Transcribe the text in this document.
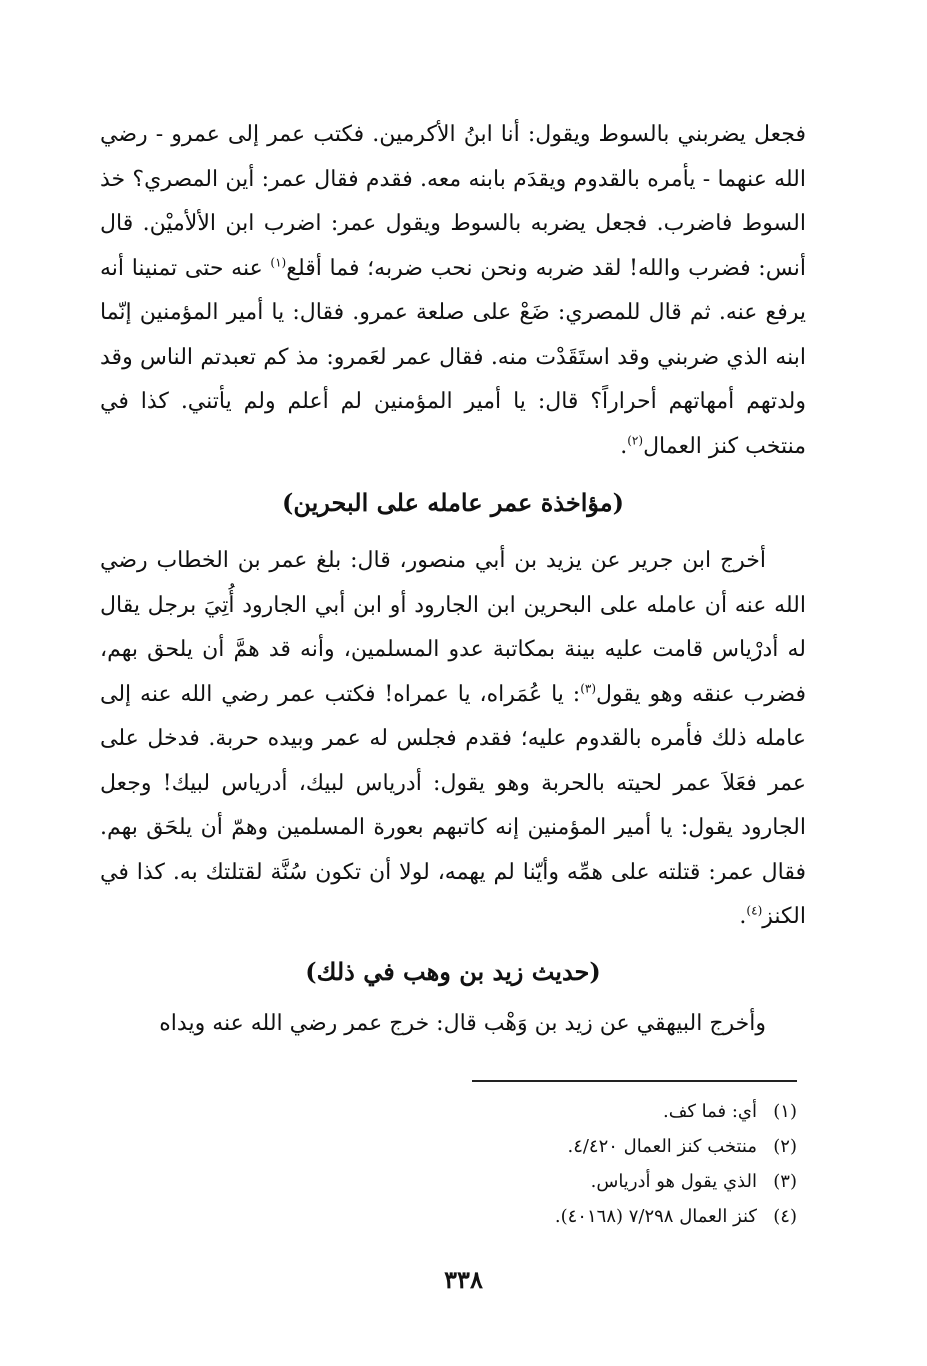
فجعل يضربني بالسوط ويقول: أنا ابنُ الأكرمين. فكتب عمر إلى عمرو - رضي الله عنهما - يأمره بالقدوم ويقدَم بابنه معه. فقدم فقال عمر: أين المصري؟ خذ السوط فاضرب. فجعل يضربه بالسوط ويقول عمر: اضرب ابن الألأميْن. قال أنس: فضرب والله! لقد ضربه ونحن نحب ضربه؛ فما أقلع$^{(١)}$ عنه حتى تمنينا أنه يرفع عنه. ثم قال للمصري: ضَعْ على صلعة عمرو. فقال: يا أمير المؤمنين إنّما ابنه الذي ضربني وقد استَقَدْت منه. فقال عمر لعَمرو: مذ كم تعبدتم الناس وقد ولدتهم أمهاتهم أحراراً؟ قال: يا أمير المؤمنين لم أعلم ولم يأتني. كذا في منتخب كنز العمال$^{(٢)}$.

(مؤاخذة عمر عامله على البحرين)

أخرج ابن جرير عن يزيد بن أبي منصور، قال: بلغ عمر بن الخطاب رضي الله عنه أن عامله على البحرين ابن الجارود أو ابن أبي الجارود أُتِيَ برجل يقال له أدرْياس قامت عليه بينة بمكاتبة عدو المسلمين، وأنه قد همَّ أن يلحق بهم، فضرب عنقه وهو يقول$^{(٣)}$: يا عُمَراه، يا عمراه! فكتب عمر رضي الله عنه إلى عامله ذلك فأمره بالقدوم عليه؛ فقدم فجلس له عمر وبيده حربة. فدخل على عمر فعَلاَ عمر لحيته بالحربة وهو يقول: أدرياس لبيك، أدرياس لبيك! وجعل الجارود يقول: يا أمير المؤمنين إنه كاتبهم بعورة المسلمين وهمّ أن يلحَق بهم. فقال عمر: قتلته على همِّه وأيّنا لم يهمه، لولا أن تكون سُنَّة لقتلتك به. كذا في الكنز$^{(٤)}$.

(حديث زيد بن وهب في ذلك)

وأخرج البيهقي عن زيد بن وَهْب قال: خرج عمر رضي الله عنه ويداه

(١)أي: فما كف.
(٢)منتخب كنز العمال ٤/٤٢٠.
(٣)الذي يقول هو أدرياس.
(٤)كنز العمال ٧/٢٩٨ (٤٠١٦٨).
٣٣٨
